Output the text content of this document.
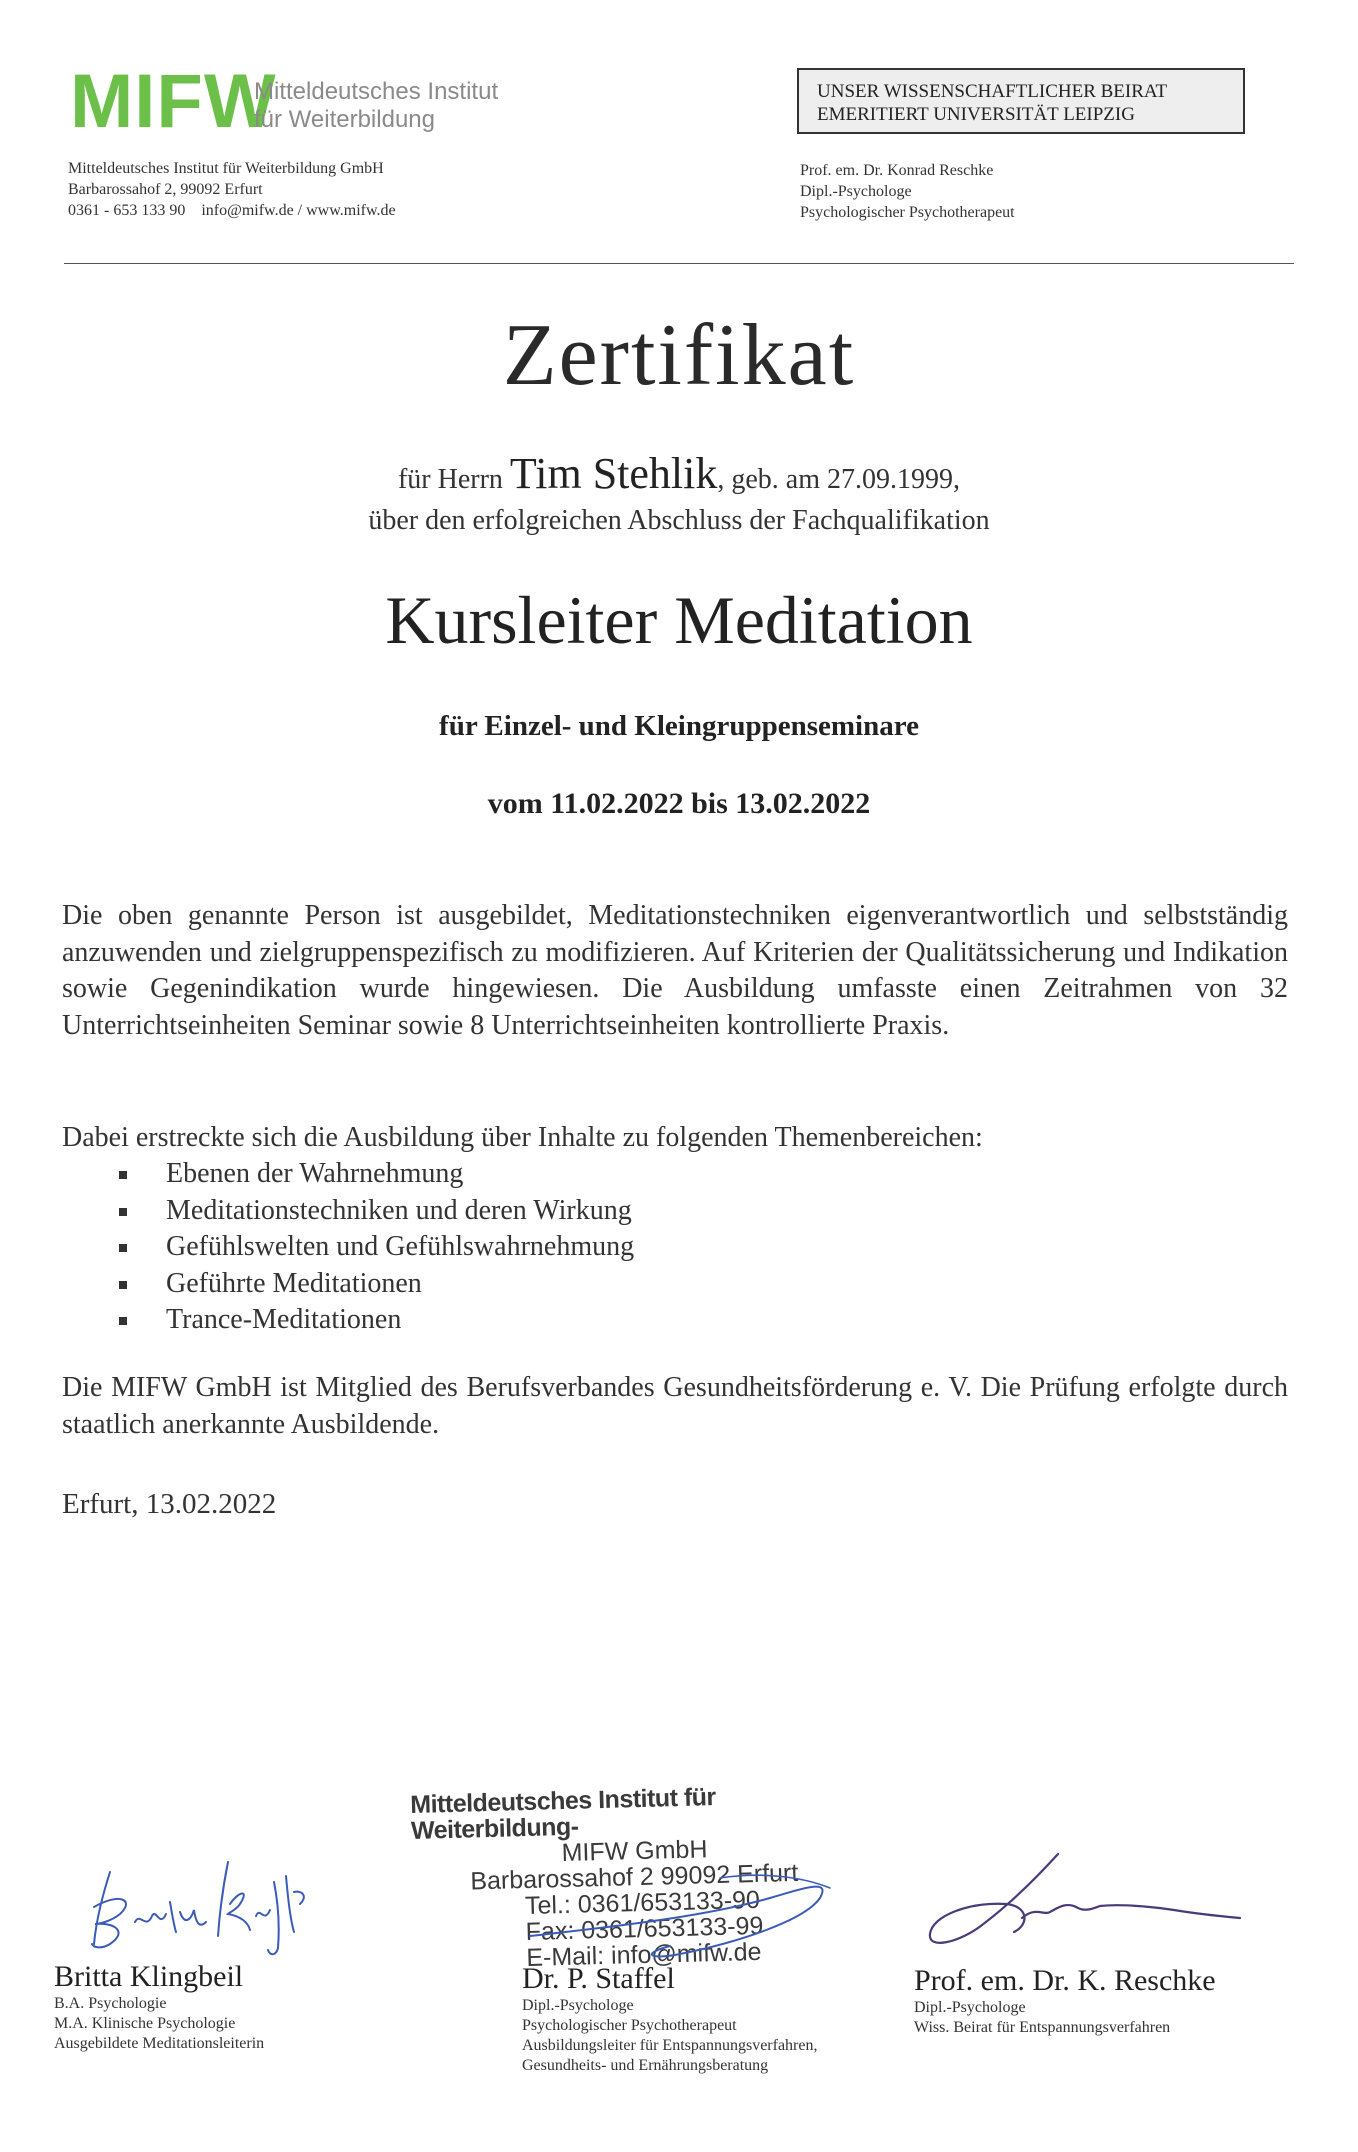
MIFW
Mitteldeutsches Institut
für Weiterbildung
Mitteldeutsches Institut für Weiterbildung GmbH
Barbarossahof 2, 99092 Erfurt
0361 - 653 133 90    info@mifw.de / www.mifw.de
UNSER WISSENSCHAFTLICHER BEIRAT
EMERITIERT UNIVERSITÄT LEIPZIG
Prof. em. Dr. Konrad Reschke
Dipl.-Psychologe
Psychologischer Psychotherapeut
Zertifikat
für Herrn Tim Stehlik, geb. am 27.09.1999,
über den erfolgreichen Abschluss der Fachqualifikation
Kursleiter Meditation
für Einzel- und Kleingruppenseminare
vom 11.02.2022 bis 13.02.2022

Die oben genannte Person ist ausgebildet, Meditationstechniken eigenverantwortlich und selbstständig anzuwenden und zielgruppenspezifisch zu modifizieren. Auf Kriterien der Qualitätssicherung und Indikation sowie Gegenindikation wurde hingewiesen. Die Ausbildung umfasste einen Zeitrahmen von 32 Unterrichtseinheiten Seminar sowie 8 Unterrichtseinheiten kontrollierte Praxis.

Dabei erstreckte sich die Ausbildung über Inhalte zu folgenden Themenbereichen:
Ebenen der Wahrnehmung
Meditationstechniken und deren Wirkung
Gefühlswelten und Gefühlswahrnehmung
Geführte Meditationen
Trance-Meditationen

Die MIFW GmbH ist Mitglied des Berufsverbandes Gesundheitsförderung e. V. Die Prüfung erfolgte durch staatlich anerkannte Ausbildende.

Erfurt, 13.02.2022
Mitteldeutsches Institut für Weiterbildung-
MIFW GmbH
Barbarossahof 2 99092 Erfurt
Tel.: 0361/653133-90
Fax: 0361/653133-99
E-Mail: info@mifw.de
Britta Klingbeil
B.A. Psychologie
M.A. Klinische Psychologie
Ausgebildete Meditationsleiterin
Dr. P. Staffel
Dipl.-Psychologe
Psychologischer Psychotherapeut
Ausbildungsleiter für Entspannungsverfahren,
Gesundheits- und Ernährungsberatung
Prof. em. Dr. K. Reschke
Dipl.-Psychologe
Wiss. Beirat für Entspannungsverfahren
